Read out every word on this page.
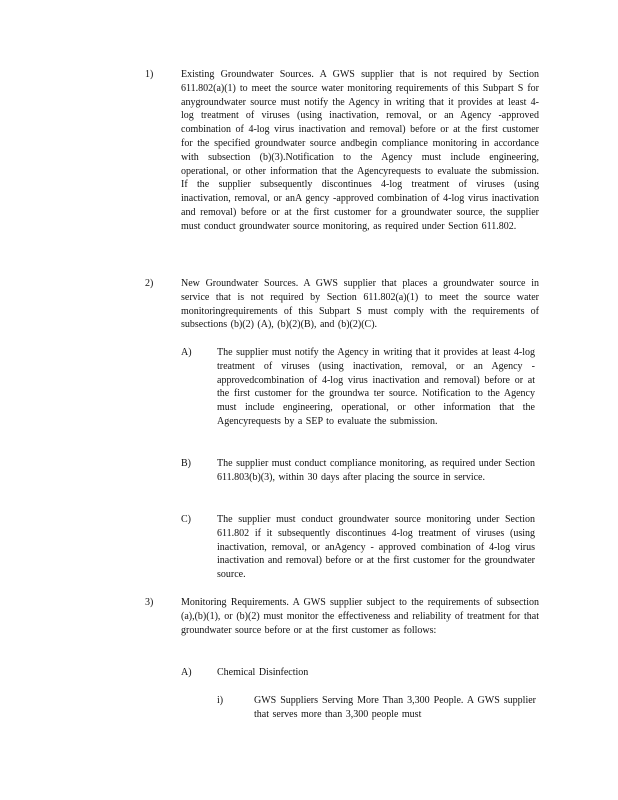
1)	Existing Groundwater Sources. A GWS supplier that is not required by Section 611.802(a)(1) to meet the source water monitoring requirements of this Subpart S for anygroundwater source must notify the Agency in writing that it provides at least 4-log treatment of viruses (using inactivation, removal, or an Agency -approved combination of 4-log virus inactivation and removal) before or at the first customer for the specified groundwater source andbegin compliance monitoring in accordance with subsection (b)(3).Notification to the Agency must include engineering, operational, or other information that the Agencyrequests to evaluate the submission. If the supplier subsequently discontinues 4-log treatment of viruses (using inactivation, removal, or anA gency -approved combination of 4-log virus inactivation and removal) before or at the first customer for a groundwater source, the supplier must conduct groundwater source monitoring, as required under Section 611.802.
2)	New Groundwater Sources. A GWS supplier that places a groundwater source in service that is not required by Section 611.802(a)(1) to meet the source water monitoringrequirements of this Subpart S must comply with the requirements of subsections (b)(2) (A), (b)(2)(B), and (b)(2)(C).
A)	The supplier must notify the Agency in writing that it provides at least 4-log treatment of viruses (using inactivation, removal, or an Agency -approvedcombination of 4-log virus inactivation and removal) before or at the first customer for the groundwa ter source. Notification to the Agency must include engineering, operational, or other information that the Agencyrequests by a SEP to evaluate the submission.
B)	The supplier must conduct compliance monitoring, as required under Section 611.803(b)(3), within 30 days after placing the source in service.
C)	The supplier must conduct groundwater source monitoring under Section 611.802 if it subsequently discontinues 4-log treatment of viruses (using inactivation, removal, or anAgency - approved combination of 4-log virus inactivation and removal) before or at the first customer for the groundwater source.
3)	Monitoring Requirements. A GWS supplier subject to the requirements of subsection (a),(b)(1), or (b)(2) must monitor the effectiveness and reliability of treatment for that groundwater source before or at the first customer as follows:
A)	Chemical Disinfection
i)	GWS Suppliers Serving More Than 3,300 People. A GWS supplier that serves more than 3,300 people must
